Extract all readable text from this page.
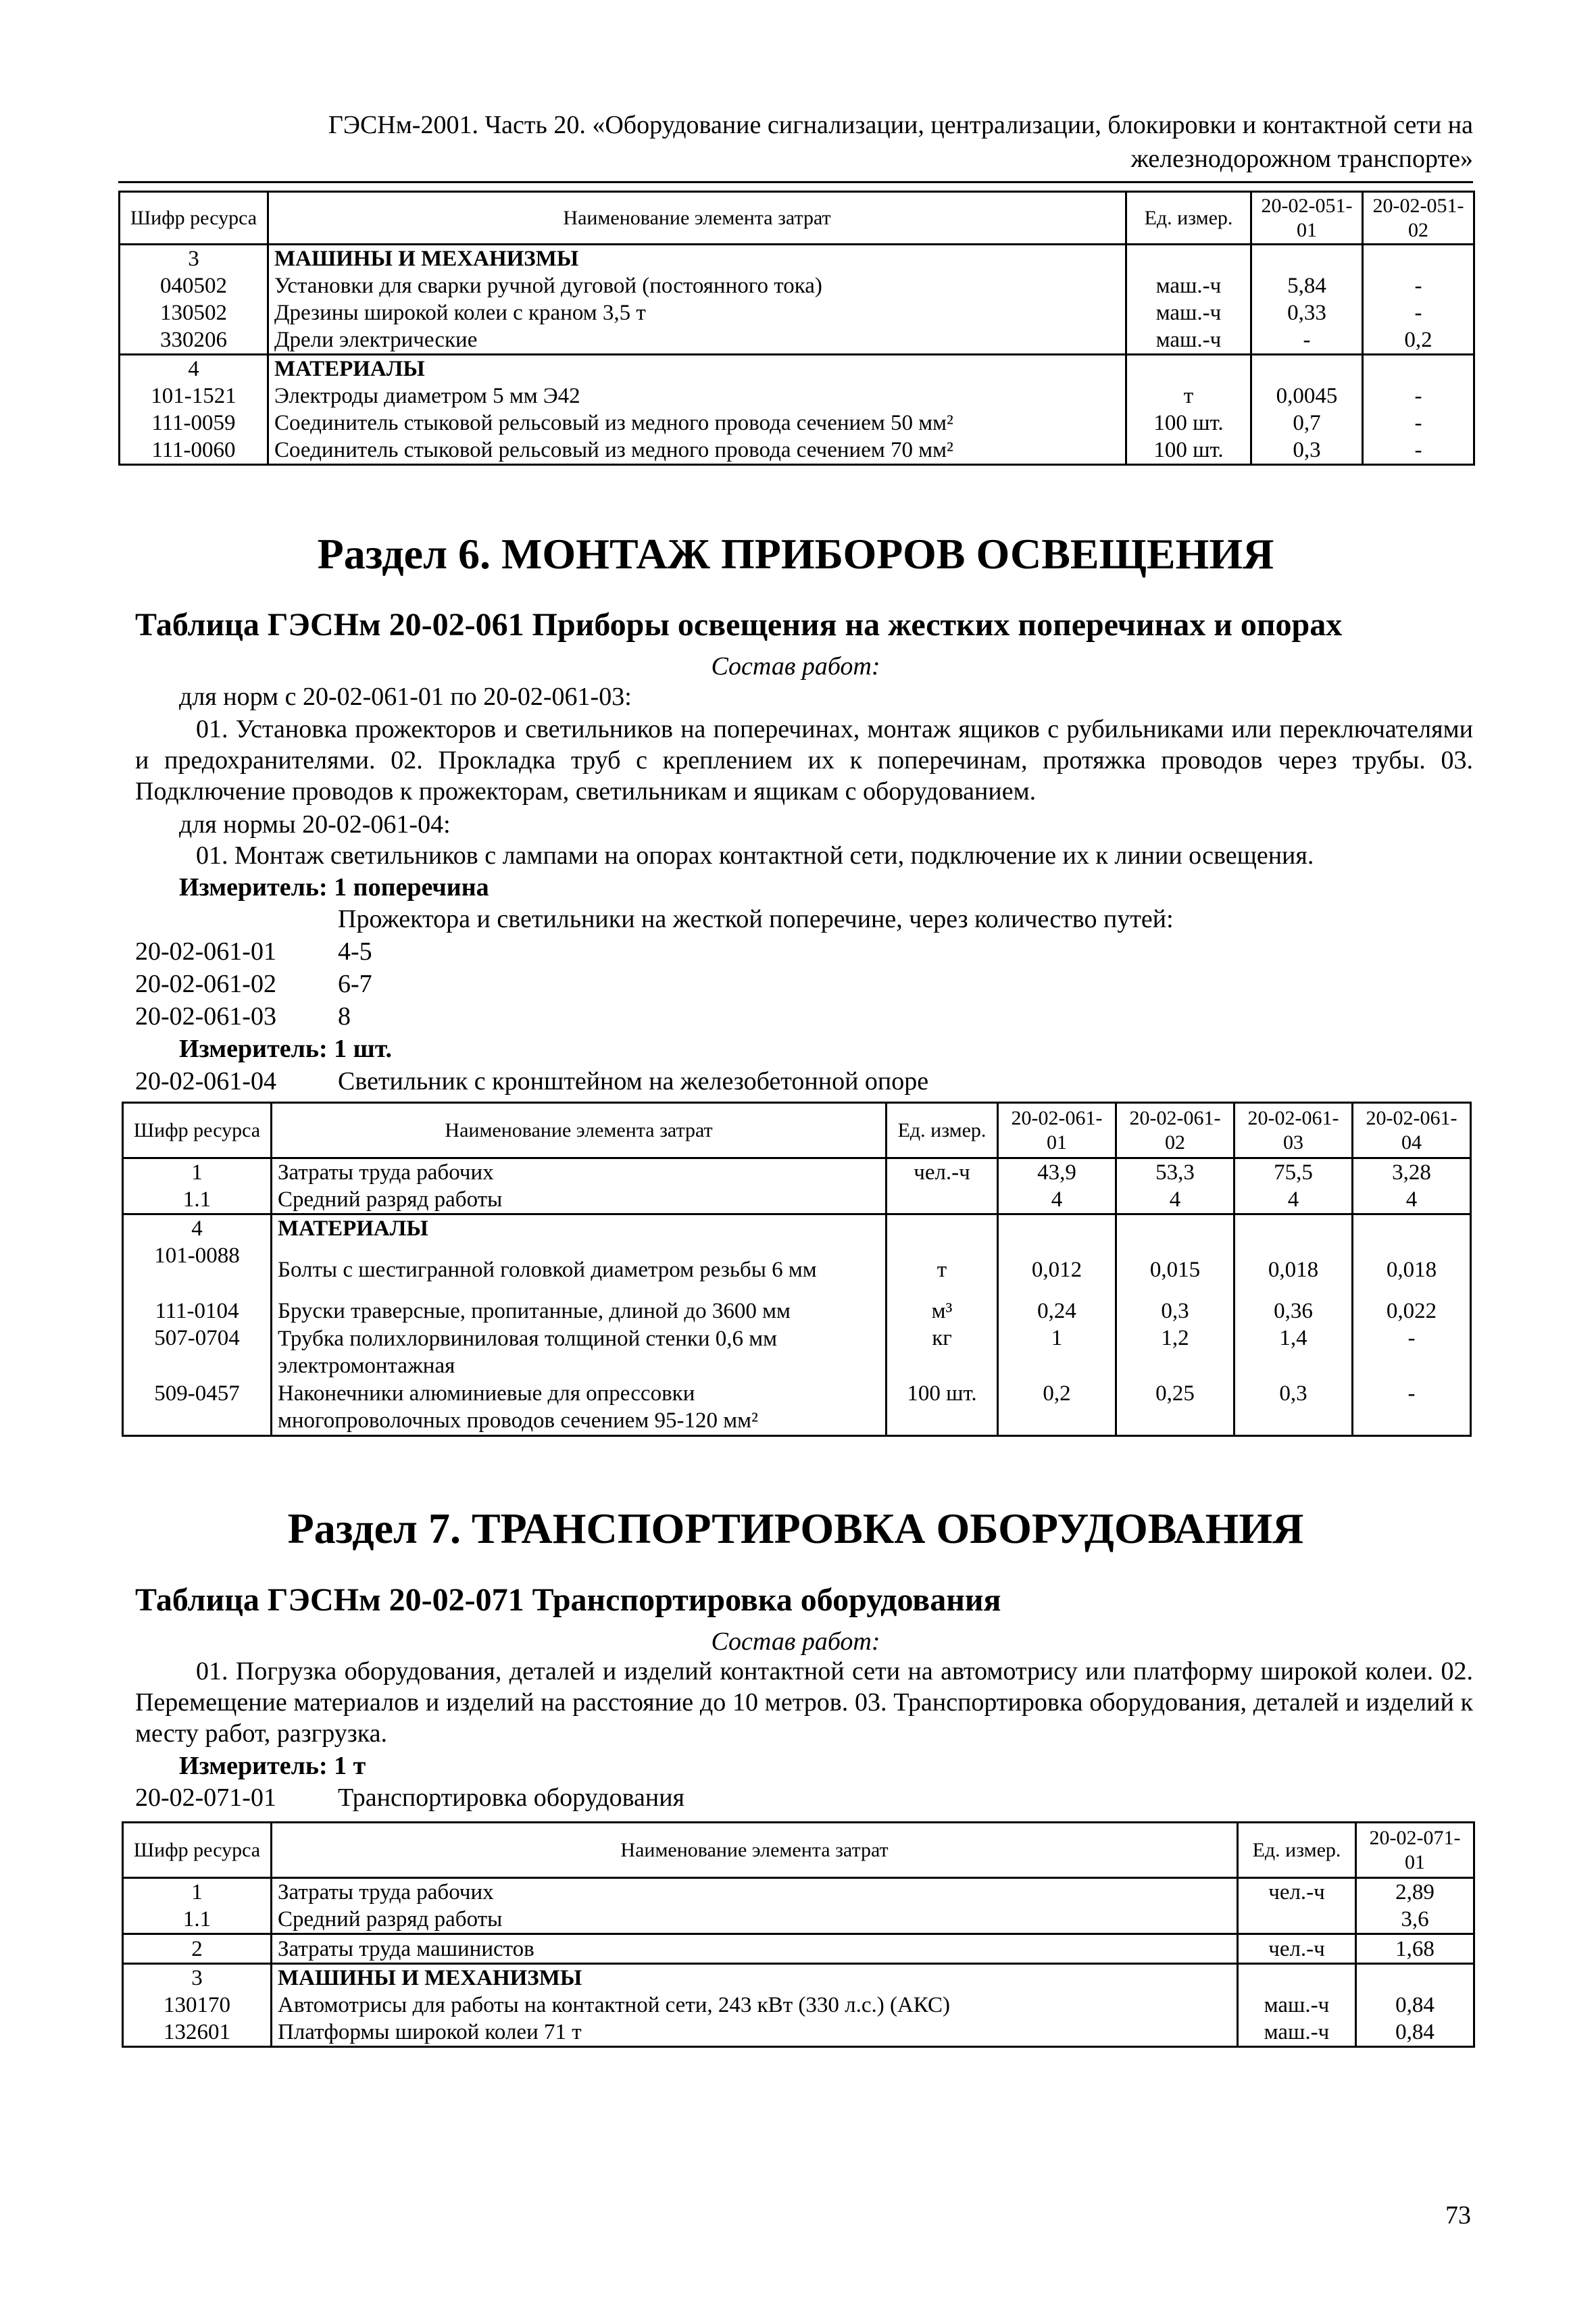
ГЭСНм-2001. Часть 20. «Оборудование сигнализации, централизации, блокировки и контактной сети на
железнодорожном транспорте»
Шифр ресурса	Наименование элемента затрат	Ед. измер.	20-02-051-01	20-02-051-02
3	МАШИНЫ И МЕХАНИЗМЫ			
040502	Установки для сварки ручной дуговой (постоянного тока)	маш.-ч	5,84	-
130502	Дрезины широкой колеи с краном 3,5 т	маш.-ч	0,33	-
330206	Дрели электрические	маш.-ч	-	0,2
4	МАТЕРИАЛЫ			
101-1521	Электроды диаметром 5 мм Э42	т	0,0045	-
111-0059	Соединитель стыковой рельсовый из медного провода сечением 50 мм²	100 шт.	0,7	-
111-0060	Соединитель стыковой рельсовый из медного провода сечением 70 мм²	100 шт.	0,3	-
Раздел 6. МОНТАЖ ПРИБОРОВ ОСВЕЩЕНИЯ
Таблица ГЭСНм 20-02-061 Приборы освещения на жестких поперечинах и опорах
Состав работ:
для норм с 20-02-061-01 по 20-02-061-03:
01. Установка прожекторов и светильников на поперечинах, монтаж ящиков с рубильниками или переключателями и предохранителями. 02. Прокладка труб с креплением их к поперечинам, протяжка проводов через трубы. 03. Подключение проводов к прожекторам, светильникам и ящикам с оборудованием.
для нормы 20-02-061-04:
01. Монтаж светильников с лампами на опорах контактной сети, подключение их к линии освещения.
Измеритель: 1 поперечина
Прожектора и светильники на жесткой поперечине, через количество путей:
20-02-061-01 4-5
20-02-061-02 6-7
20-02-061-03 8
Измеритель: 1 шт.
20-02-061-04 Светильник с кронштейном на железобетонной опоре
Шифр ресурса	Наименование элемента затрат	Ед. измер.	20-02-061-01	20-02-061-02	20-02-061-03	20-02-061-04
1	Затраты труда рабочих	чел.-ч	43,9	53,3	75,5	3,28
1.1	Средний разряд работы		4	4	4	4
4	МАТЕРИАЛЫ					
101-0088	Болты с шестигранной головкой диаметром резьбы 6 мм	т	0,012	0,015	0,018	0,018
111-0104	Бруски траверсные, пропитанные, длиной до 3600 мм	м³	0,24	0,3	0,36	0,022
507-0704	Трубка полихлорвиниловая толщиной стенки 0,6 мм электромонтажная	кг	1	1,2	1,4	-
509-0457	Наконечники алюминиевые для опрессовки многопроволочных проводов сечением 95-120 мм²	100 шт.	0,2	0,25	0,3	-
Раздел 7. ТРАНСПОРТИРОВКА ОБОРУДОВАНИЯ
Таблица ГЭСНм 20-02-071 Транспортировка оборудования
Состав работ:
01. Погрузка оборудования, деталей и изделий контактной сети на автомотрису или платформу широкой колеи. 02. Перемещение материалов и изделий на расстояние до 10 метров. 03. Транспортировка оборудования, деталей и изделий к месту работ, разгрузка.
Измеритель: 1 т
20-02-071-01 Транспортировка оборудования
Шифр ресурса	Наименование элемента затрат	Ед. измер.	20-02-071-01
1	Затраты труда рабочих	чел.-ч	2,89
1.1	Средний разряд работы		3,6
2	Затраты труда машинистов	чел.-ч	1,68
3	МАШИНЫ И МЕХАНИЗМЫ		
130170	Автомотрисы для работы на контактной сети, 243 кВт (330 л.с.) (АКС)	маш.-ч	0,84
132601	Платформы широкой колеи 71 т	маш.-ч	0,84
73
